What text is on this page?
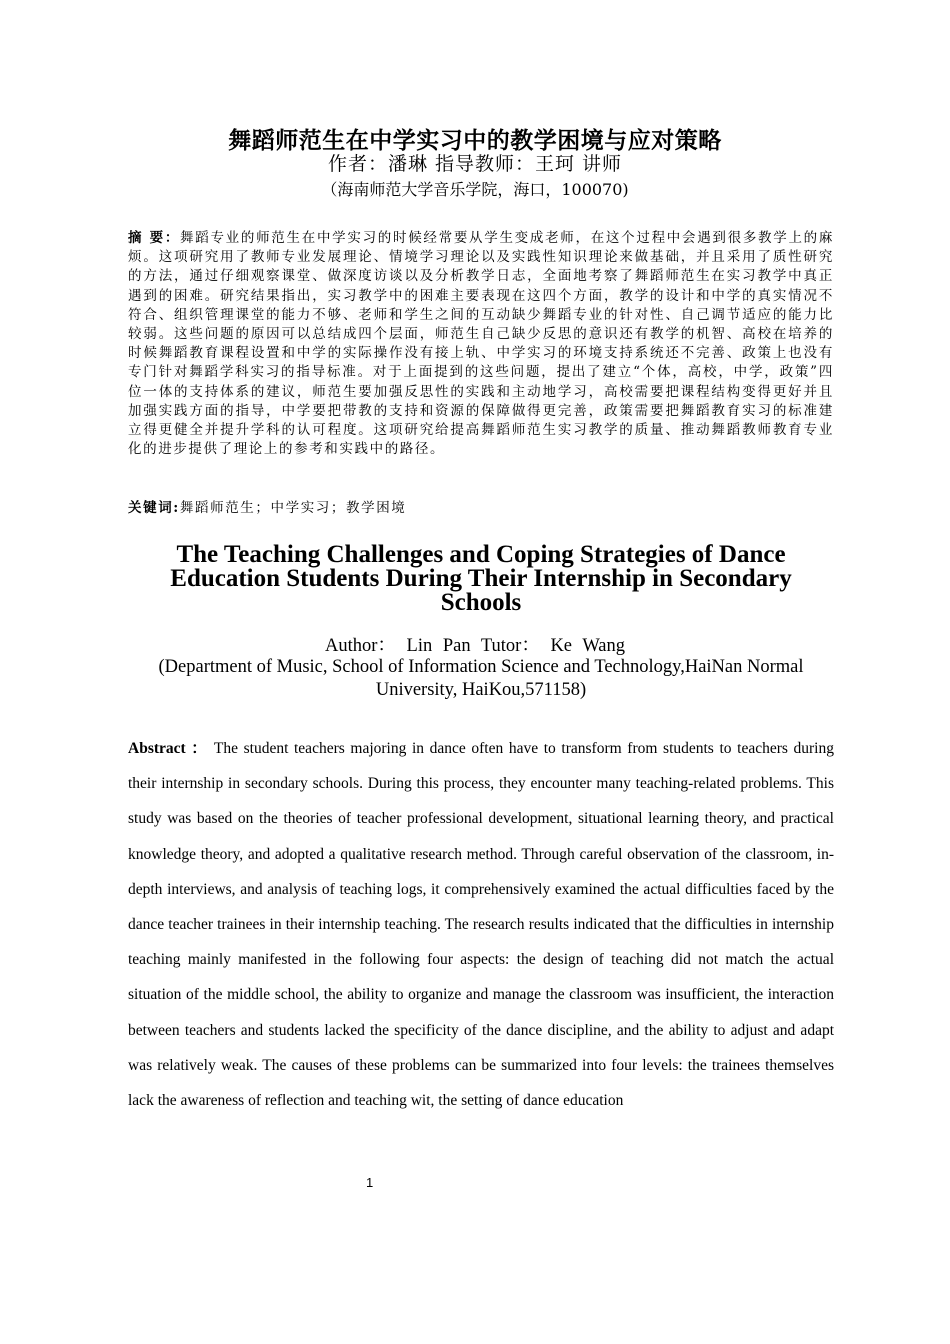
舞蹈师范生在中学实习中的教学困境与应对策略
作者：潘琳 指导教师：王珂 讲师
（海南师范大学音乐学院，海口，100070)
摘 要：舞蹈专业的师范生在中学实习的时候经常要从学生变成老师，在这个过程中会遇到很多教学上的麻烦。这项研究用了教师专业发展理论、情境学习理论以及实践性知识理论来做基础，并且采用了质性研究的方法，通过仔细观察课堂、做深度访谈以及分析教学日志，全面地考察了舞蹈师范生在实习教学中真正遇到的困难。研究结果指出，实习教学中的困难主要表现在这四个方面，教学的设计和中学的真实情况不符合、组织管理课堂的能力不够、老师和学生之间的互动缺少舞蹈专业的针对性、自己调节适应的能力比较弱。这些问题的原因可以总结成四个层面，师范生自己缺少反思的意识还有教学的机智、高校在培养的时候舞蹈教育课程设置和中学的实际操作没有接上轨、中学实习的环境支持系统还不完善、政策上也没有专门针对舞蹈学科实习的指导标准。对于上面提到的这些问题，提出了建立“个体，高校，中学，政策”四位一体的支持体系的建议，师范生要加强反思性的实践和主动地学习，高校需要把课程结构变得更好并且加强实践方面的指导，中学要把带教的支持和资源的保障做得更完善，政策需要把舞蹈教育实习的标准建立得更健全并提升学科的认可程度。这项研究给提高舞蹈师范生实习教学的质量、推动舞蹈教师教育专业化的进步提供了理论上的参考和实践中的路径。
关键词:舞蹈师范生；中学实习；教学困境
The Teaching Challenges and Coping Strategies of Dance Education Students During Their Internship in Secondary Schools
Author： Lin Pan Tutor： Ke Wang
(Department of Music, School of Information Science and Technology,HaiNan Normal University, HaiKou,571158)
Abstract ： The student teachers majoring in dance often have to transform from students to teachers during their internship in secondary schools. During this process, they encounter many teaching-related problems. This study was based on the theories of teacher professional development, situational learning theory, and practical knowledge theory, and adopted a qualitative research method. Through careful observation of the classroom, in-depth interviews, and analysis of teaching logs, it comprehensively examined the actual difficulties faced by the dance teacher trainees in their internship teaching. The research results indicated that the difficulties in internship teaching mainly manifested in the following four aspects: the design of teaching did not match the actual situation of the middle school, the ability to organize and manage the classroom was insufficient, the interaction between teachers and students lacked the specificity of the dance discipline, and the ability to adjust and adapt was relatively weak. The causes of these problems can be summarized into four levels: the trainees themselves lack the awareness of reflection and teaching wit, the setting of dance education
1
